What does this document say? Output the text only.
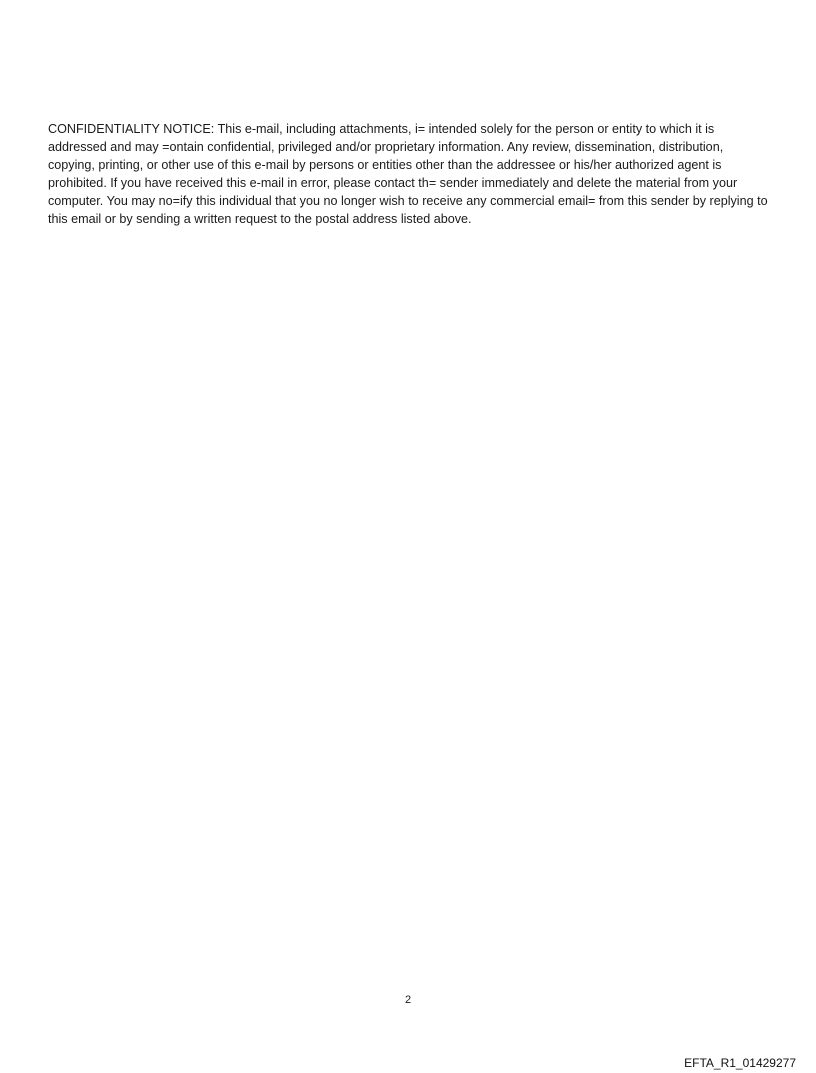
CONFIDENTIALITY NOTICE: This e-mail, including attachments, i= intended solely for the person or entity to which it is addressed and may =ontain confidential, privileged and/or proprietary information. Any review, dissemination, distribution, copying, printing, or other use of this e-mail by persons or entities other than the addressee or his/her authorized agent is prohibited. If you have received this e-mail in error, please contact th= sender immediately and delete the material from your computer. You may no=ify this individual that you no longer wish to receive any commercial email= from this sender by replying to this email or by sending a written request to the postal address listed above.

2
EFTA_R1_01429277
